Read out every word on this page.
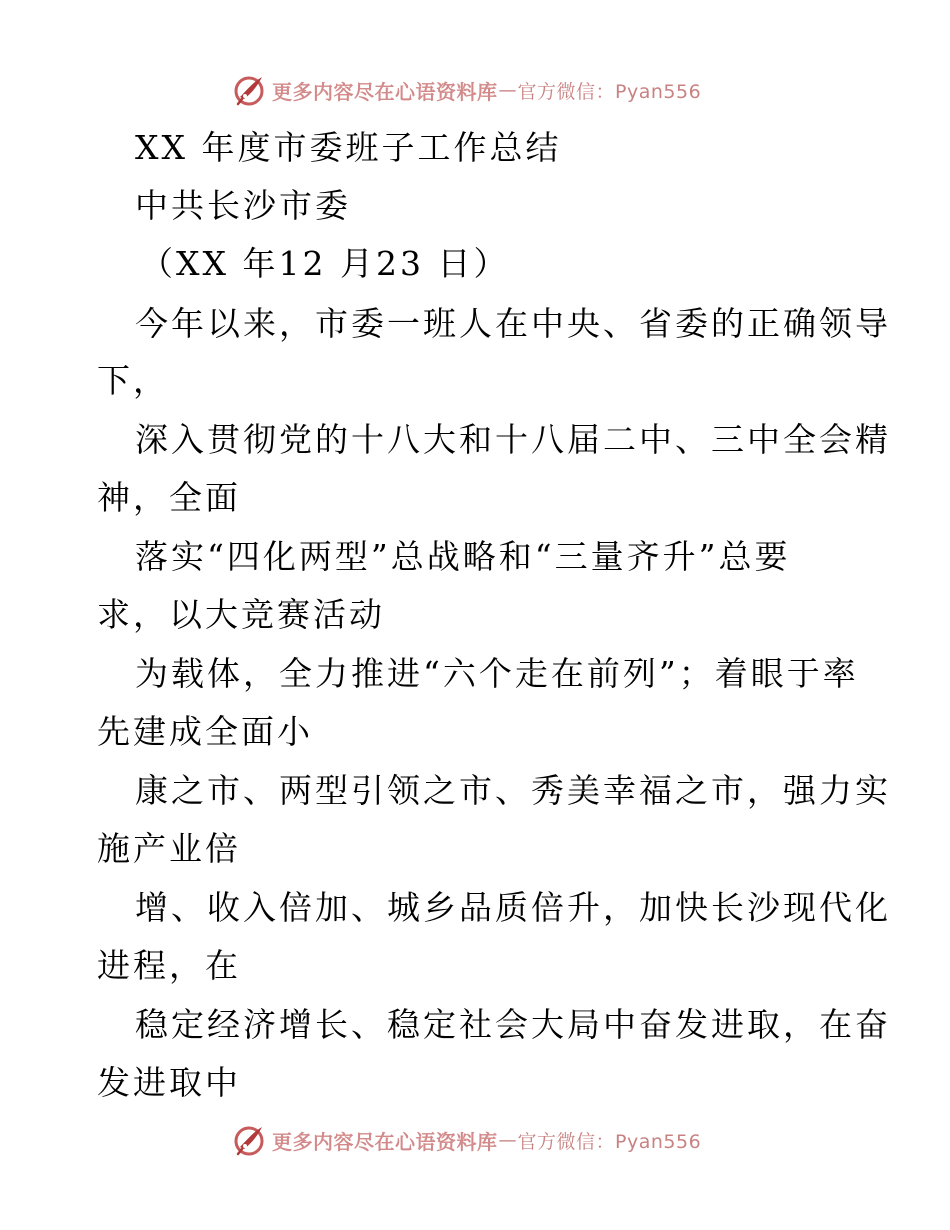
更多内容尽在心语资料库 — 官方微信：Pyan556
XX 年度市委班子工作总结
中共长沙市委
（XX 年12 月23 日）
今年以来，市委一班人在中央、省委的正确领导
下，
深入贯彻党的十八大和十八届二中、三中全会精
神，全面
落实“四化两型”总战略和“三量齐升”总要
求，以大竞赛活动
为载体，全力推进“六个走在前列”；着眼于率
先建成全面小
康之市、两型引领之市、秀美幸福之市，强力实
施产业倍
增、收入倍加、城乡品质倍升，加快长沙现代化
进程，在
稳定经济增长、稳定社会大局中奋发进取，在奋
发进取中
更多内容尽在心语资料库 — 官方微信：Pyan556
